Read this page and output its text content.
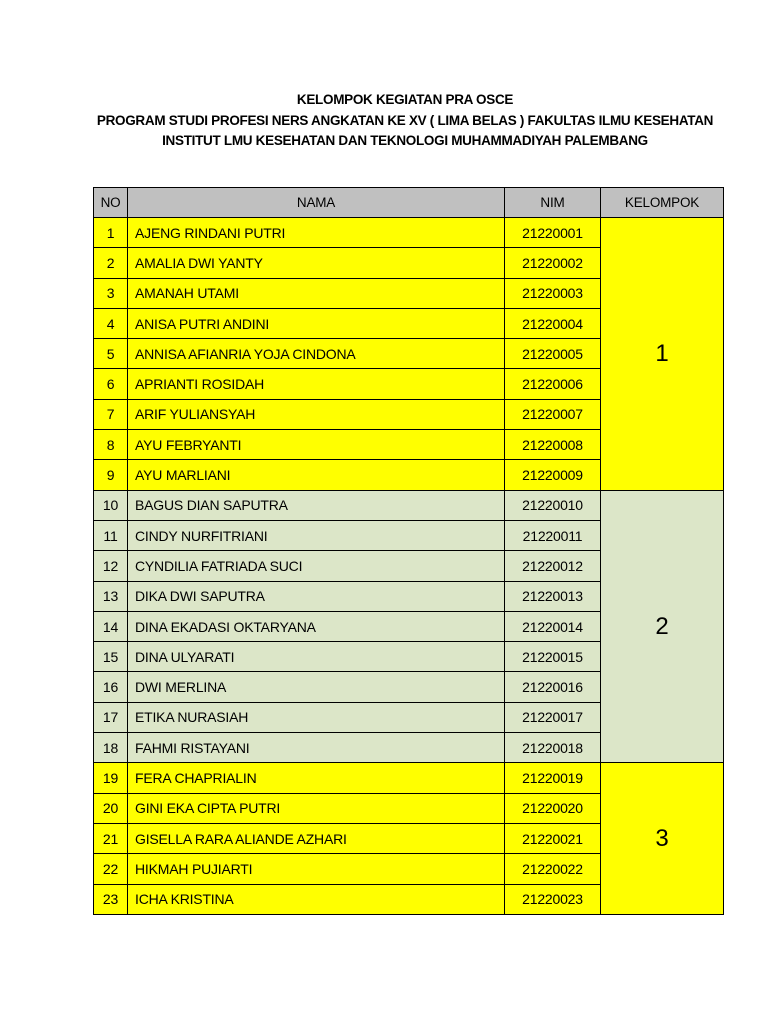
KELOMPOK KEGIATAN PRA OSCE
PROGRAM STUDI PROFESI NERS ANGKATAN KE XV ( LIMA BELAS ) FAKULTAS ILMU KESEHATAN
INSTITUT LMU KESEHATAN DAN TEKNOLOGI MUHAMMADIYAH PALEMBANG
NO	NAMA	NIM	KELOMPOK
1	AJENG RINDANI PUTRI	21220001	1
2	AMALIA DWI YANTY	21220002	
3	AMANAH UTAMI	21220003	
4	ANISA PUTRI ANDINI	21220004	
5	ANNISA AFIANRIA YOJA CINDONA	21220005	
6	APRIANTI ROSIDAH	21220006	
7	ARIF YULIANSYAH	21220007	
8	AYU FEBRYANTI	21220008	
9	AYU MARLIANI	21220009	
10	BAGUS DIAN SAPUTRA	21220010	2
11	CINDY NURFITRIANI	21220011	
12	CYNDILIA FATRIADA SUCI	21220012	
13	DIKA DWI SAPUTRA	21220013	
14	DINA EKADASI OKTARYANA	21220014	
15	DINA ULYARATI	21220015	
16	DWI MERLINA	21220016	
17	ETIKA NURASIAH	21220017	
18	FAHMI RISTAYANI	21220018	
19	FERA CHAPRIALIN	21220019	3
20	GINI EKA CIPTA PUTRI	21220020	
21	GISELLA RARA ALIANDE AZHARI	21220021	
22	HIKMAH PUJIARTI	21220022	
23	ICHA KRISTINA	21220023	
